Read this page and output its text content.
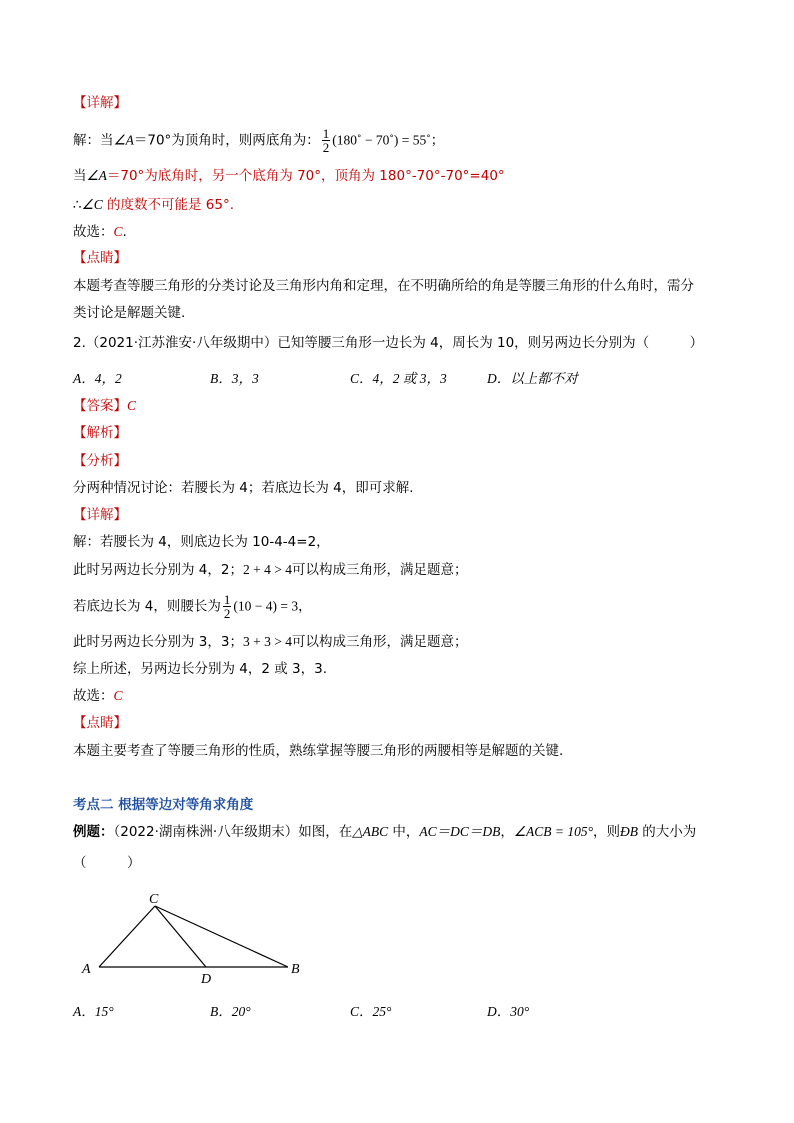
【详解】
解：当∠A＝70°为顶角时，则两底角为： $\frac{1}{2}$ (180˚ − 70˚) = 55˚；
当∠A＝70°为底角时，另一个底角为 70°，顶角为 180°-70°-70°=40°
∴∠C 的度数不可能是 65°.
故选：C.
【点睛】
本题考查等腰三角形的分类讨论及三角形内角和定理，在不明确所给的角是等腰三角形的什么角时，需分
类讨论是解题关键.
2.（2021·江苏淮安·八年级期中）已知等腰三角形一边长为 4，周长为 10，则另两边长分别为（　　　）
A．4，2	B．3，3	C．4，2 或 3，3	D．以上都不对
【答案】C
【解析】
【分析】
分两种情况讨论：若腰长为 4；若底边长为 4，即可求解.
【详解】
解：若腰长为 4，则底边长为 10-4-4=2，
此时另两边长分别为 4，2；2 + 4 > 4可以构成三角形，满足题意；
若底边长为 4，则腰长为 $\frac{1}{2} (10 - 4) = 3$，
此时另两边长分别为 3，3；3 + 3 > 4可以构成三角形，满足题意；
综上所述，另两边长分别为 4，2 或 3，3.
故选：C
【点睛】
本题主要考查了等腰三角形的性质，熟练掌握等腰三角形的两腰相等是解题的关键.
考点二 根据等边对等角求角度
例题：（2022·湖南株洲·八年级期末）如图，在△ABC 中，AC＝DC＝DB，∠ACB = 105°，则ÐB 的大小为
（　　　）
A	B
C
D
A．15°	B．20°	C．25°	D．30°
